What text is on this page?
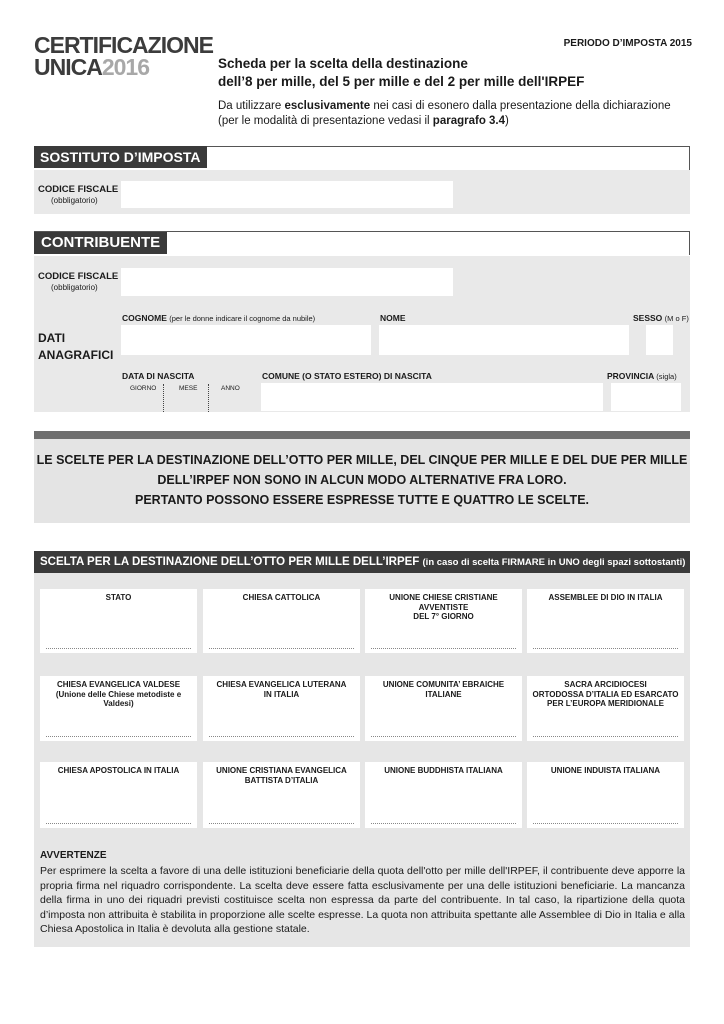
CERTIFICAZIONE
UNICA2016
PERIODO D’IMPOSTA 2015
Scheda per la scelta della destinazione
dell’8 per mille, del 5 per mille e del 2 per mille dell'IRPEF
Da utilizzare esclusivamente nei casi di esonero dalla presentazione della dichiarazione
(per le modalità di presentazione vedasi il paragrafo 3.4)
SOSTITUTO D’IMPOSTA
CODICE FISCALE
(obbligatorio)
CONTRIBUENTE
CODICE FISCALE
(obbligatorio)
DATI
ANAGRAFICI
COGNOME (per le donne indicare il cognome da nubile)	NOME	SESSO (M o F)
DATA DI NASCITA
GIORNO	MESE	ANNO
COMUNE (O STATO ESTERO) DI NASCITA	PROVINCIA (sigla)
LE SCELTE PER LA DESTINAZIONE DELL’OTTO PER MILLE, DEL CINQUE PER MILLE E DEL DUE PER MILLE
DELL’IRPEF NON SONO IN ALCUN MODO ALTERNATIVE FRA LORO.
PERTANTO POSSONO ESSERE ESPRESSE TUTTE E QUATTRO LE SCELTE.
SCELTA PER LA DESTINAZIONE DELL’OTTO PER MILLE DELL’IRPEF (in caso di scelta FIRMARE in UNO degli spazi sottostanti)
STATO	CHIESA CATTOLICA	UNIONE CHIESE CRISTIANE AVVENTISTE
DEL 7° GIORNO
ASSEMBLEE DI DIO IN ITALIA
CHIESA EVANGELICA VALDESE
(Unione delle Chiese metodiste e Valdesi)
CHIESA EVANGELICA LUTERANA
IN ITALIA
UNIONE COMUNITA’ EBRAICHE
ITALIANE
SACRA ARCIDIOCESI
ORTODOSSA D’ITALIA ED ESARCATO
PER L’EUROPA MERIDIONALE
CHIESA APOSTOLICA IN ITALIA	UNIONE CRISTIANA EVANGELICA
BATTISTA D’ITALIA
UNIONE BUDDHISTA ITALIANA	UNIONE INDUISTA ITALIANA
AVVERTENZE
Per esprimere la scelta a favore di una delle istituzioni beneficiarie della quota dell'otto per mille dell'IRPEF, il contribuente deve apporre la propria firma nel riquadro corrispondente. La scelta deve essere fatta esclusivamente per una delle istituzioni beneficiarie. La mancanza della firma in uno dei riquadri previsti costituisce scelta non espressa da parte del contribuente. In tal caso, la ripartizione della quota d’imposta non attribuita è stabilita in proporzione alle scelte espresse. La quota non attribuita spettante alle Assemblee di Dio in Italia e alla Chiesa Apostolica in Italia è devoluta alla gestione statale.
